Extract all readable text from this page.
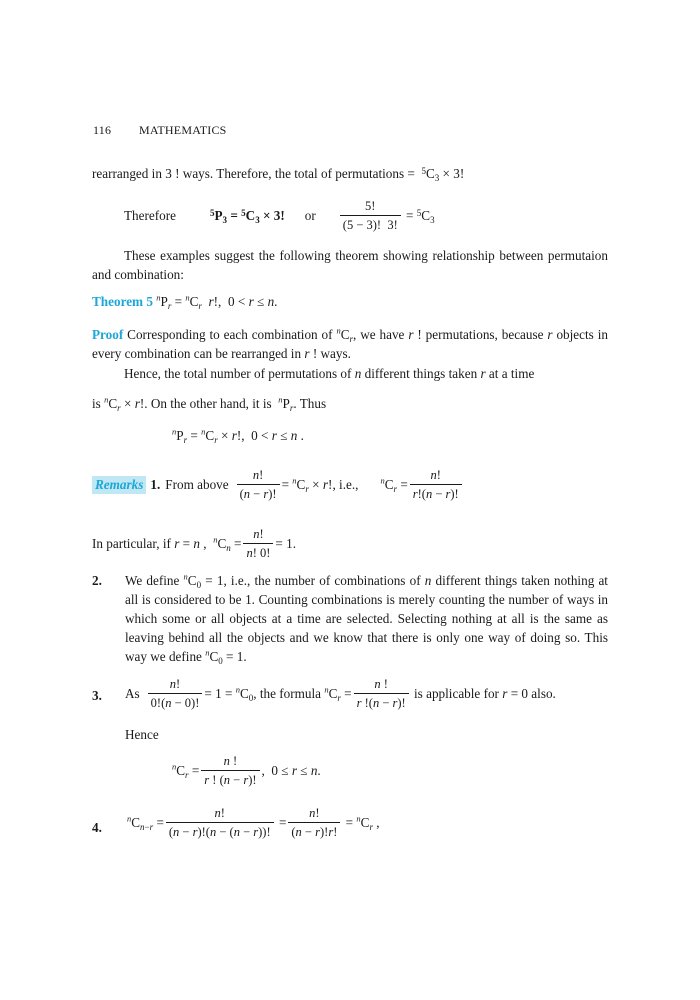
116 MATHEMATICS
rearranged in 3 ! ways. Therefore, the total of permutations = $^5C_3 \times 3$!
Therefore	$^5P_3 = ^5C_3 \times 3$! or $\frac{5!}{(5 - 3)! 3!} = ^5C_3$
These examples suggest the following theorem showing relationship between permutaion and combination:
Theorem 5 $^nP_r = ^nC_r$ r!,  0 < r ≤ n.
Proof Corresponding to each combination of $^nC_r$, we have r ! permutations, because r objects in every combination can be rearranged in r ! ways.
Hence, the total number of permutations of n different things taken r at a time
is $^nC_r \times r$!. On the other hand, it is  $^nP_r$. Thus
$^nP_r = ^nC_r \times r$!,  0 < r ≤ n .
Remarks 1. From above $\frac{n!}{(n - r)!} = ^nC_r \times r$! , i.e.,	$^nC_r = \frac{n!}{r!(n - r)!}$
In particular, if r = n ,  $^nC_n = \frac{n!}{n! 0!} = 1$.
2. We define $^nC_0 = 1$, i.e., the number of combinations of n different things taken nothing at all is considered to be 1. Counting combinations is merely counting the number of ways in which some or all objects at a time are selected. Selecting nothing at all is the same as leaving behind all the objects and we know that there is only one way of doing so. This way we define $^nC_0 = 1$.
3. As $\frac{n!}{0!(n - 0)!} = 1 = ^nC_0$ , the formula $^nC_r = \frac{n !}{r !(n - r)!}$ is applicable for r = 0 also.
Hence
$^nC_r = \frac{n !}{r ! (n - r)!}$ ,  0 ≤ r ≤ n.
4.
$^nC_{n-r} = \frac{n!}{(n - r)!(n - (n - r))!} = \frac{n!}{(n - r)!r!} = ^nC_r$ ,
